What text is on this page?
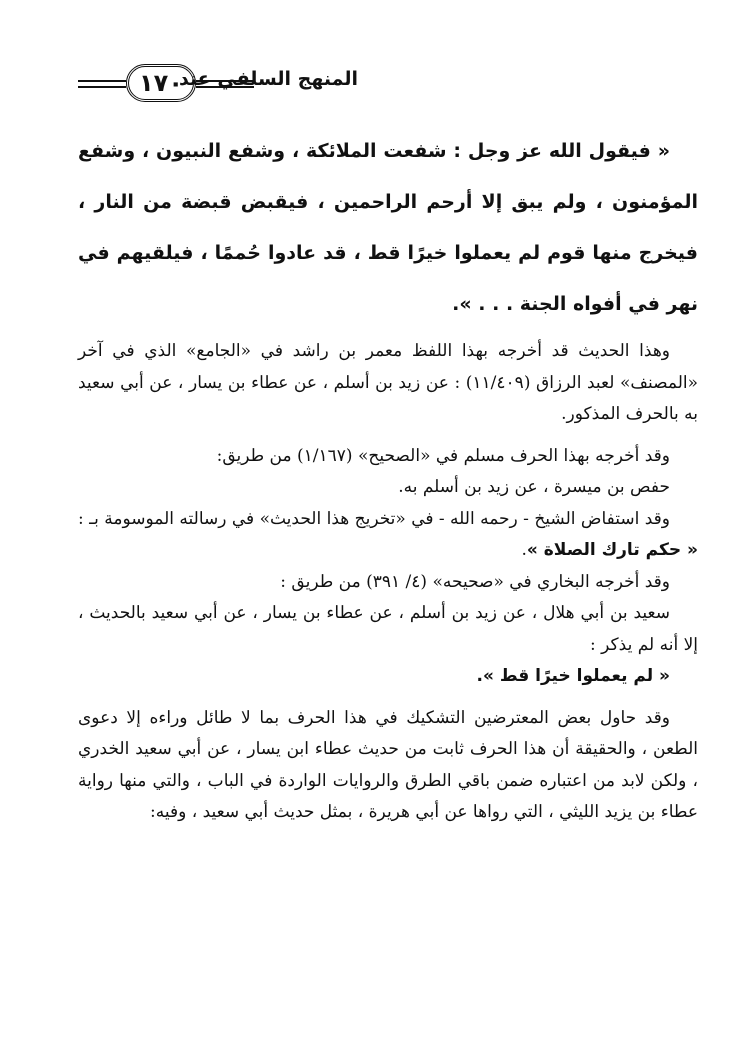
١٧٠
المنهج السلفي عند

« فيقول الله عز وجل : شفعت الملائكة ، وشفع النبيون ، وشفع المؤمنون ، ولم يبق إلا أرحم الراحمين ، فيقبض قبضة من النار ، فيخرج منها قوم لم يعملوا خيرًا قط ، قد عادوا حُممًا ، فيلقيهم في نهر في أفواه الجنة . . . ».

وهذا الحديث قد أخرجه بهذا اللفظ معمر بن راشد في «الجامع» الذي في آخر «المصنف» لعبد الرزاق (١١/٤٠٩) : عن زيد بن أسلم ، عن عطاء بن يسار ، عن أبي سعيد به بالحرف المذكور.

وقد أخرجه بهذا الحرف مسلم في «الصحيح» (١/١٦٧) من طريق:

حفص بن ميسرة ، عن زيد بن أسلم به.

وقد استفاض الشيخ - رحمه الله - في «تخريج هذا الحديث» في رسالته الموسومة بـ : « حكم تارك الصلاة ».

وقد أخرجه البخاري في «صحيحه» (٤/ ٣٩١) من طريق :

سعيد بن أبي هلال ، عن زيد بن أسلم ، عن عطاء بن يسار ، عن أبي سعيد بالحديث ، إلا أنه لم يذكر :

« لم يعملوا خيرًا قط ».

وقد حاول بعض المعترضين التشكيك في هذا الحرف بما لا طائل وراءه إلا دعوى الطعن ، والحقيقة أن هذا الحرف ثابت من حديث عطاء ابن يسار ، عن أبي سعيد الخدري ، ولكن لابد من اعتباره ضمن باقي الطرق والروايات الواردة في الباب ، والتي منها رواية عطاء بن يزيد الليثي ، التي رواها عن أبي هريرة ، بمثل حديث أبي سعيد ، وفيه:
